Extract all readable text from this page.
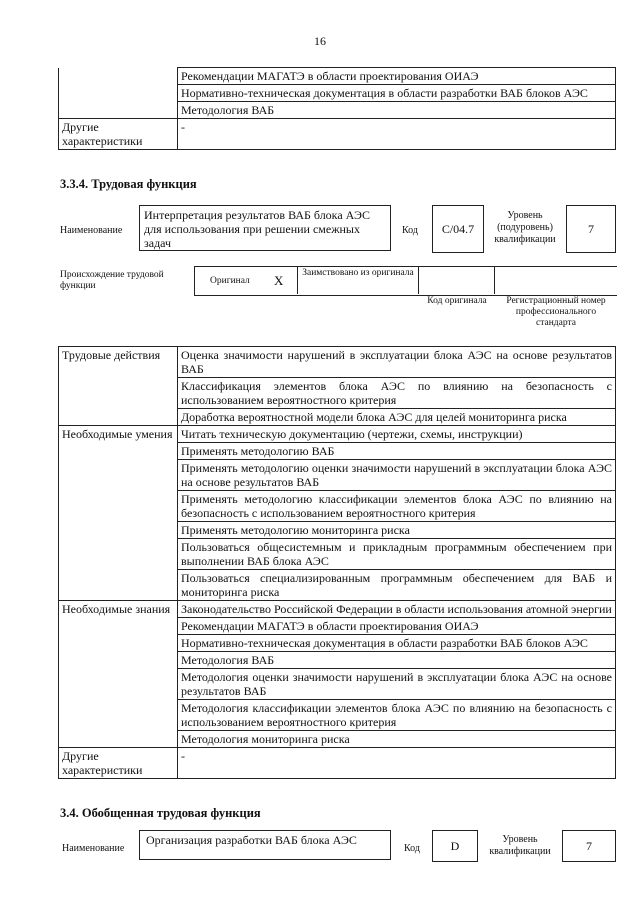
16
	Рекомендации МАГАТЭ в области проектирования ОИАЭ
	Нормативно-техническая документация в области разработки ВАБ блоков АЭС
	Методология ВАБ
Другие характеристики	-
3.3.4. Трудовая функция
Наименование
Интерпретация результатов ВАБ блока АЭС для использования при решении смежных задач
Код	С/04.7
Уровень (подуровень) квалификации
7
Происхождение трудовой функции	Оригинал X Заимствовано из оригинала
Код оригинала	Регистрационный номер профессионального стандарта
Трудовые действия	Оценка значимости нарушений в эксплуатации блока АЭС на основе результатов ВАБ
	Классификация элементов блока АЭС по влиянию на безопасность с использованием вероятностного критерия
	Доработка вероятностной модели блока АЭС для целей мониторинга риска
Необходимые умения	Читать техническую документацию (чертежи, схемы, инструкции)
	Применять методологию ВАБ
	Применять методологию оценки значимости нарушений в эксплуатации блока АЭС на основе результатов ВАБ
	Применять методологию классификации элементов блока АЭС по влиянию на безопасность с использованием вероятностного критерия
	Применять методологию мониторинга риска
	Пользоваться общесистемным и прикладным программным обеспечением при выполнении ВАБ блока АЭС
	Пользоваться специализированным программным обеспечением для ВАБ и мониторинга риска
Необходимые знания	Законодательство Российской Федерации в области использования атомной энергии
	Рекомендации МАГАТЭ в области проектирования ОИАЭ
	Нормативно-техническая документация в области разработки ВАБ блоков АЭС
	Методология ВАБ
	Методология оценки значимости нарушений в эксплуатации блока АЭС на основе результатов ВАБ
	Методология классификации элементов блока АЭС по влиянию на безопасность с использованием вероятностного критерия
	Методология мониторинга риска
Другие характеристики	-
3.4. Обобщенная трудовая функция
Наименование
Организация разработки ВАБ блока АЭС
Код	D	Уровень квалификации	7
